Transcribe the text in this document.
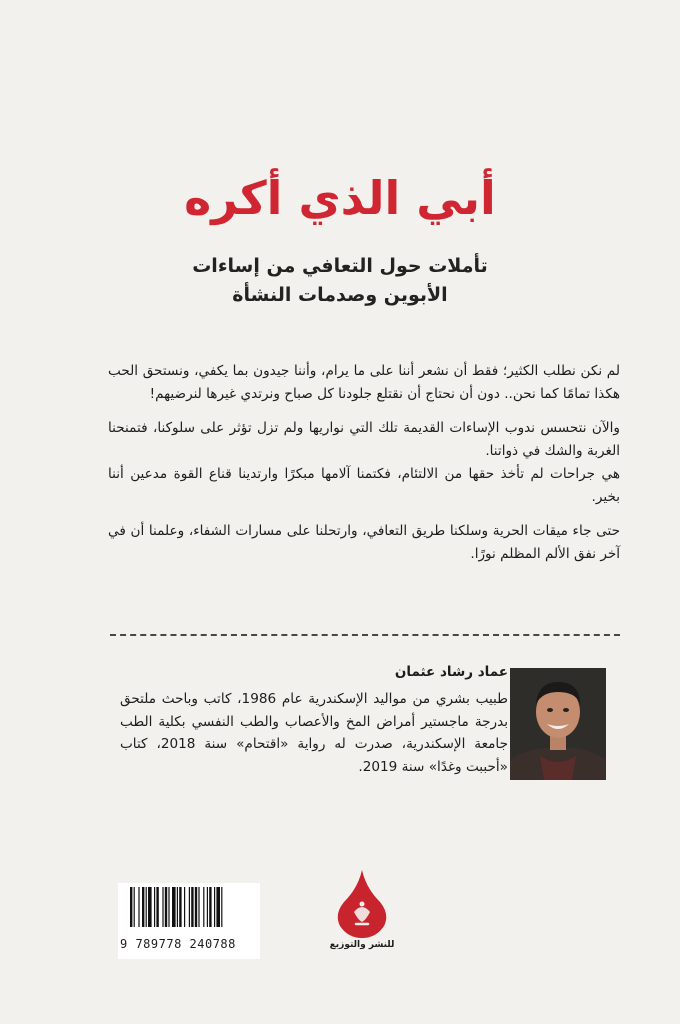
أبي الذي أكره
تأملات حول التعافي من إساءات
الأبوين وصدمات النشأة

لم نكن نطلب الكثير؛ فقط أن نشعر أننا على ما يرام، وأننا جيدون بما يكفي، ونستحق الحب هكذا تمامًا كما نحن.. دون أن نحتاج أن نقتلع جلودنا كل صباح ونرتدي غيرها لنرضيهم!

والآن نتحسس ندوب الإساءات القديمة تلك التي نواريها ولم تزل تؤثر على سلوكنا، فتمنحنا الغربة والشك في ذواتنا.

هي جراحات لم تأخذ حقها من الالتئام، فكتمنا آلامها مبكرًا وارتدينا قناع القوة مدعين أننا بخير.

حتى جاء ميقات الحرية وسلكنا طريق التعافي، وارتحلنا على مسارات الشفاء، وعلمنا أن في آخر نفق الألم المظلم نورًا.

عماد رشاد عثمان
طبيب بشري من مواليد الإسكندرية عام 1986، كاتب وباحث ملتحق بدرجة ماجستير أمراض المخ والأعصاب والطب النفسي بكلية الطب جامعة الإسكندرية، صدرت له رواية «اقتحام» سنة 2018، كتاب «أحببت وغدًا» سنة 2019.
9 789778 240788	للنشر والتوزيع
